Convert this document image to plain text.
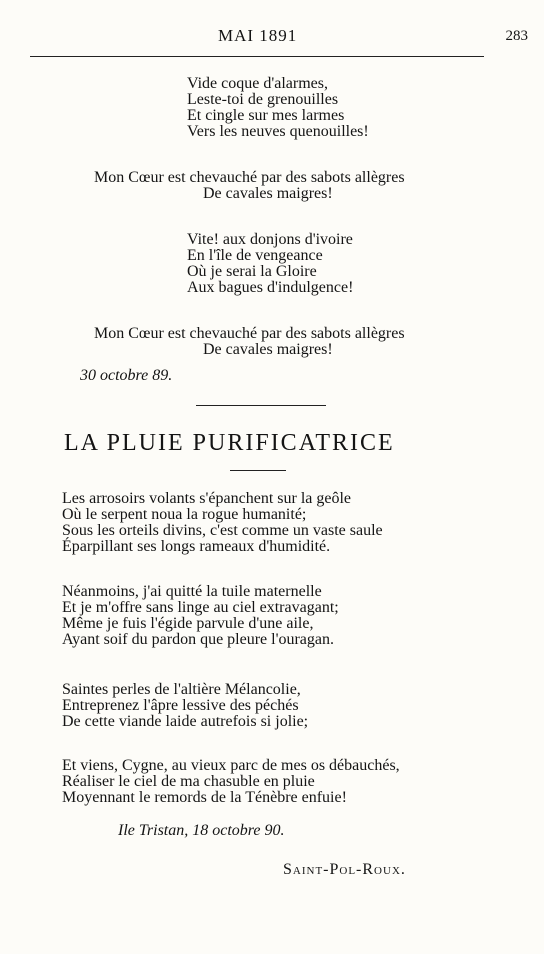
MAI 1891	283
Vide coque d'alarmes,
Leste-toi de grenouilles
Et cingle sur mes larmes
Vers les neuves quenouilles!
Mon Cœur est chevauché par des sabots allègres
De cavales maigres!
Vite! aux donjons d'ivoire
En l'île de vengeance
Où je serai la Gloire
Aux bagues d'indulgence!
Mon Cœur est chevauché par des sabots allègres
De cavales maigres!
30 octobre 89.
LA PLUIE PURIFICATRICE
Les arrosoirs volants s'épanchent sur la geôle
Où le serpent noua la rogue humanité;
Sous les orteils divins, c'est comme un vaste saule
Éparpillant ses longs rameaux d'humidité.
Néanmoins, j'ai quitté la tuile maternelle
Et je m'offre sans linge au ciel extravagant;
Même je fuis l'égide parvule d'une aile,
Ayant soif du pardon que pleure l'ouragan.
Saintes perles de l'altière Mélancolie,
Entreprenez l'âpre lessive des péchés
De cette viande laide autrefois si jolie;
Et viens, Cygne, au vieux parc de mes os débauchés,
Réaliser le ciel de ma chasuble en pluie
Moyennant le remords de la Ténèbre enfuie!
Ile Tristan, 18 octobre 90.
Saint-Pol-Roux.
